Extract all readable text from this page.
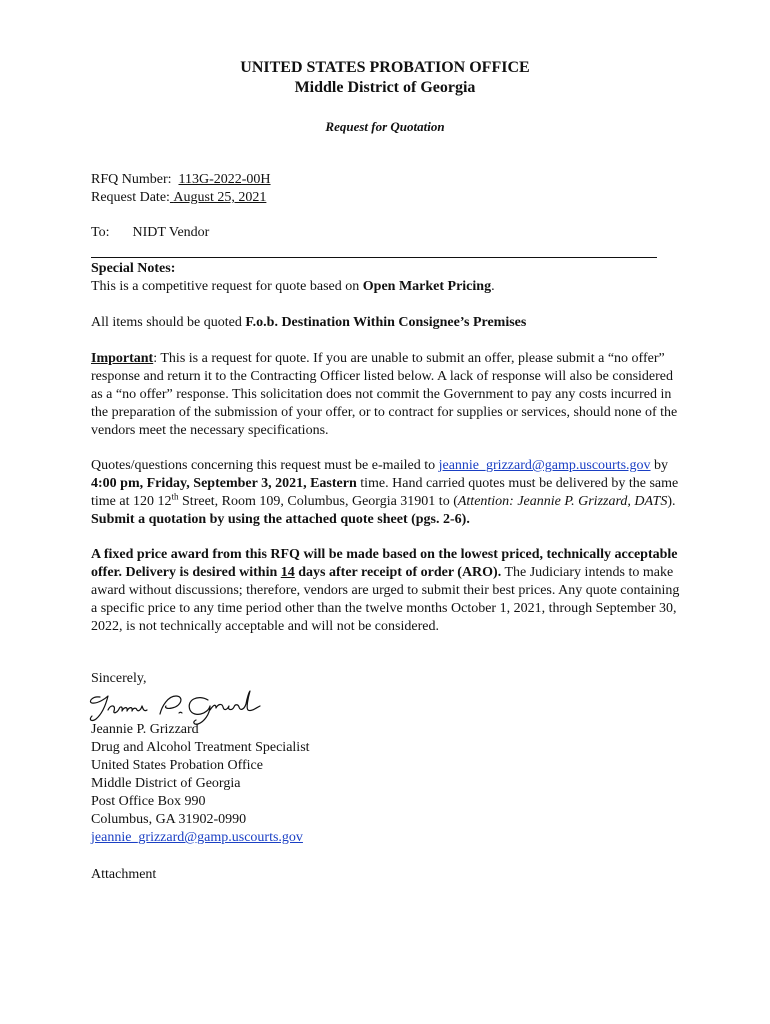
UNITED STATES PROBATION OFFICE
Middle District of Georgia
Request for Quotation
RFQ Number: 113G-2022-00H
Request Date: August 25, 2021
To: NIDT Vendor

Special Notes:

This is a competitive request for quote based on Open Market Pricing.

All items should be quoted F.o.b. Destination Within Consignee’s Premises

Important: This is a request for quote. If you are unable to submit an offer, please submit a “no offer” response and return it to the Contracting Officer listed below. A lack of response will also be considered as a “no offer” response. This solicitation does not commit the Government to pay any costs incurred in the preparation of the submission of your offer, or to contract for supplies or services, should none of the vendors meet the necessary specifications.

Quotes/questions concerning this request must be e-mailed to jeannie_grizzard@gamp.uscourts.gov by 4:00 pm, Friday, September 3, 2021, Eastern time. Hand carried quotes must be delivered by the same time at 120 12th Street, Room 109, Columbus, Georgia 31901 to (Attention: Jeannie P. Grizzard, DATS). Submit a quotation by using the attached quote sheet (pgs. 2-6).

A fixed price award from this RFQ will be made based on the lowest priced, technically acceptable offer. Delivery is desired within 14 days after receipt of order (ARO). The Judiciary intends to make award without discussions; therefore, vendors are urged to submit their best prices. Any quote containing a specific price to any time period other than the twelve months October 1, 2021, through September 30, 2022, is not technically acceptable and will not be considered.

Sincerely,
Jeannie P. Grizzard
Drug and Alcohol Treatment Specialist
United States Probation Office
Middle District of Georgia
Post Office Box 990
Columbus, GA 31902-0990
jeannie_grizzard@gamp.uscourts.gov
Attachment
